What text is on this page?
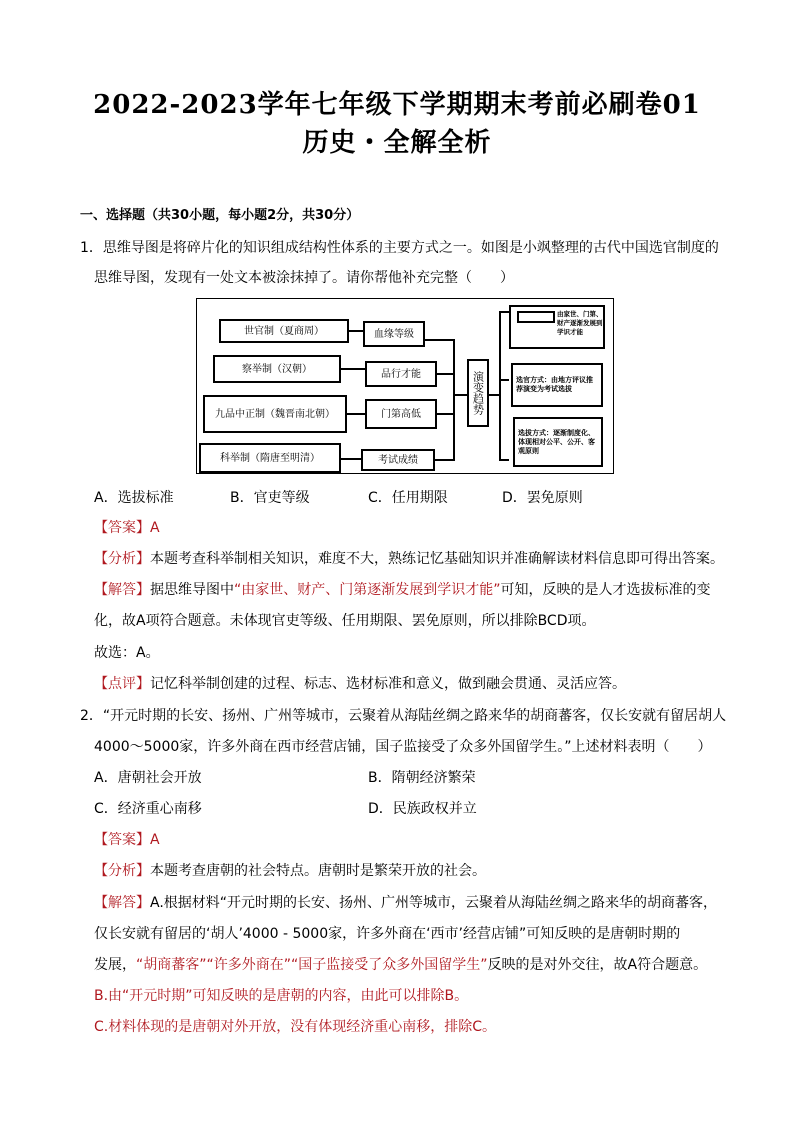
2022-2023学年七年级下学期期末考前必刷卷01
历史・全解全析
一、选择题（共30小题，每小题2分，共30分）
1．思维导图是将碎片化的知识组成结构性体系的主要方式之一。如图是小飒整理的古代中国选官制度的
思维导图，发现有一处文本被涂抹掉了。请你帮他补充完整（　　）
世官制（夏商周）
察举制（汉朝）
九品中正制（魏晋南北朝）
科举制（隋唐至明清）
血缘等级
品行才能
门第高低
考试成绩
演变趋势
由家世、门第、财产逐渐发展到学识才能
选官方式：由地方评议推荐演变为考试选拔
选拔方式：逐渐制度化、体现相对公平、公开、客观原则
A．选拔标准	B．官吏等级	C．任用期限	D．罢免原则
【答案】A
【分析】本题考查科举制相关知识，难度不大，熟练记忆基础知识并准确解读材料信息即可得出答案。
【解答】据思维导图中“由家世、财产、门第逐渐发展到学识才能”可知，反映的是人才选拔标准的变
化，故A项符合题意。未体现官吏等级、任用期限、罢免原则，所以排除BCD项。
故选：A。
【点评】记忆科举制创建的过程、标志、选材标准和意义，做到融会贯通、灵活应答。
2．“开元时期的长安、扬州、广州等城市，云聚着从海陆丝绸之路来华的胡商蕃客，仅长安就有留居胡人
4000～5000家，许多外商在西市经营店铺，国子监接受了众多外国留学生。”上述材料表明（　　）
A．唐朝社会开放	B．隋朝经济繁荣
C．经济重心南移	D．民族政权并立
【答案】A
【分析】本题考查唐朝的社会特点。唐朝时是繁荣开放的社会。
【解答】A.根据材料“开元时期的长安、扬州、广州等城市，云聚着从海陆丝绸之路来华的胡商蕃客，
仅长安就有留居的‘胡人’4000 - 5000家，许多外商在‘西市’经营店铺”可知反映的是唐朝时期的
发展，“胡商蕃客”“许多外商在”“国子监接受了众多外国留学生”反映的是对外交往，故A符合题意。
B.由“开元时期”可知反映的是唐朝的内容，由此可以排除B。
C.材料体现的是唐朝对外开放，没有体现经济重心南移，排除C。
